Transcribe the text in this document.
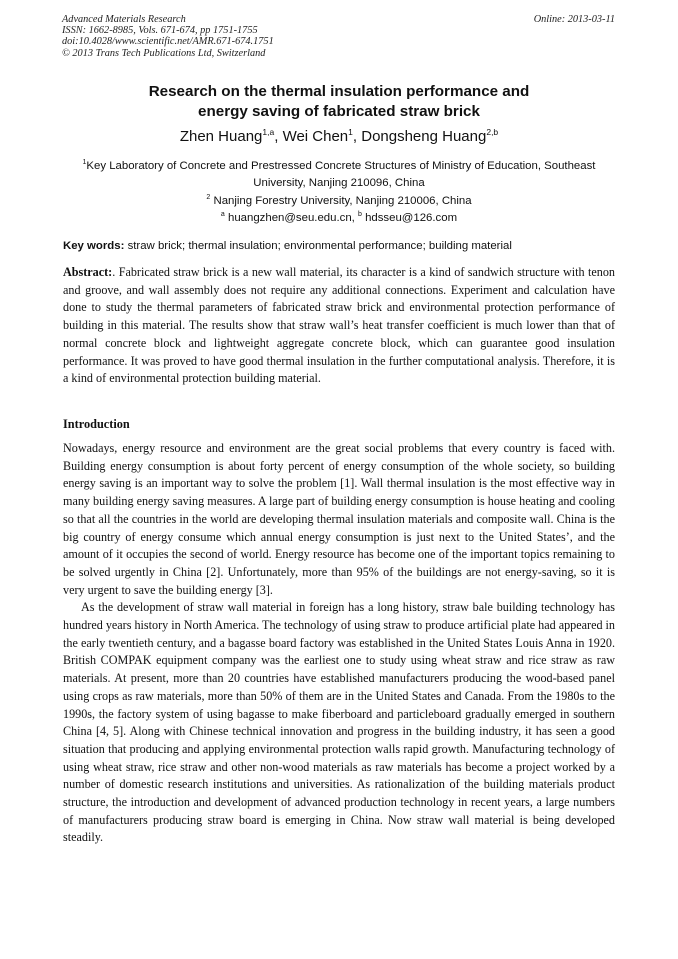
Advanced Materials Research
ISSN: 1662-8985, Vols. 671-674, pp 1751-1755
doi:10.4028/www.scientific.net/AMR.671-674.1751
© 2013 Trans Tech Publications Ltd, Switzerland
Online: 2013-03-11
Research on the thermal insulation performance and
energy saving of fabricated straw brick
Zhen Huang$^{1,a}$, Wei Chen$^1$, Dongsheng Huang$^{2,b}$
$^1$Key Laboratory of Concrete and Prestressed Concrete Structures of Ministry of Education, Southeast
University, Nanjing 210096, China
$^2$ Nanjing Forestry University, Nanjing 210006, China
$^a$ huangzhen@seu.edu.cn, $^b$ hdsseu@126.com
Key words: straw brick; thermal insulation; environmental performance; building material
Abstract:. Fabricated straw brick is a new wall material, its character is a kind of sandwich structure with tenon and groove, and wall assembly does not require any additional connections. Experiment and calculation have done to study the thermal parameters of fabricated straw brick and environmental protection performance of building in this material. The results show that straw wall’s heat transfer coefficient is much lower than that of normal concrete block and lightweight aggregate concrete block, which can guarantee good insulation performance. It was proved to have good thermal insulation in the further computational analysis. Therefore, it is a kind of environmental protection building material.
Introduction

Nowadays, energy resource and environment are the great social problems that every country is faced with. Building energy consumption is about forty percent of energy consumption of the whole society, so building energy saving is an important way to solve the problem [1]. Wall thermal insulation is the most effective way in many building energy saving measures. A large part of building energy consumption is house heating and cooling so that all the countries in the world are developing thermal insulation materials and composite wall. China is the big country of energy consume which annual energy consumption is just next to the United States’, and the amount of it occupies the second of world. Energy resource has become one of the important topics remaining to be solved urgently in China [2]. Unfortunately, more than 95% of the buildings are not energy-saving, so it is very urgent to save the building energy [3].

As the development of straw wall material in foreign has a long history, straw bale building technology has hundred years history in North America. The technology of using straw to produce artificial plate had appeared in the early twentieth century, and a bagasse board factory was established in the United States Louis Anna in 1920. British COMPAK equipment company was the earliest one to study using wheat straw and rice straw as raw materials. At present, more than 20 countries have established manufacturers producing the wood-based panel using crops as raw materials, more than 50% of them are in the United States and Canada. From the 1980s to the 1990s, the factory system of using bagasse to make fiberboard and particleboard gradually emerged in southern China [4, 5]. Along with Chinese technical innovation and progress in the building industry, it has seen a good situation that producing and applying environmental protection walls rapid growth. Manufacturing technology of using wheat straw, rice straw and other non-wood materials as raw materials has become a project worked by a number of domestic research institutions and universities. As rationalization of the building materials product structure, the introduction and development of advanced production technology in recent years, a large numbers of manufacturers producing straw board is emerging in China. Now straw wall material is being developed steadily.
